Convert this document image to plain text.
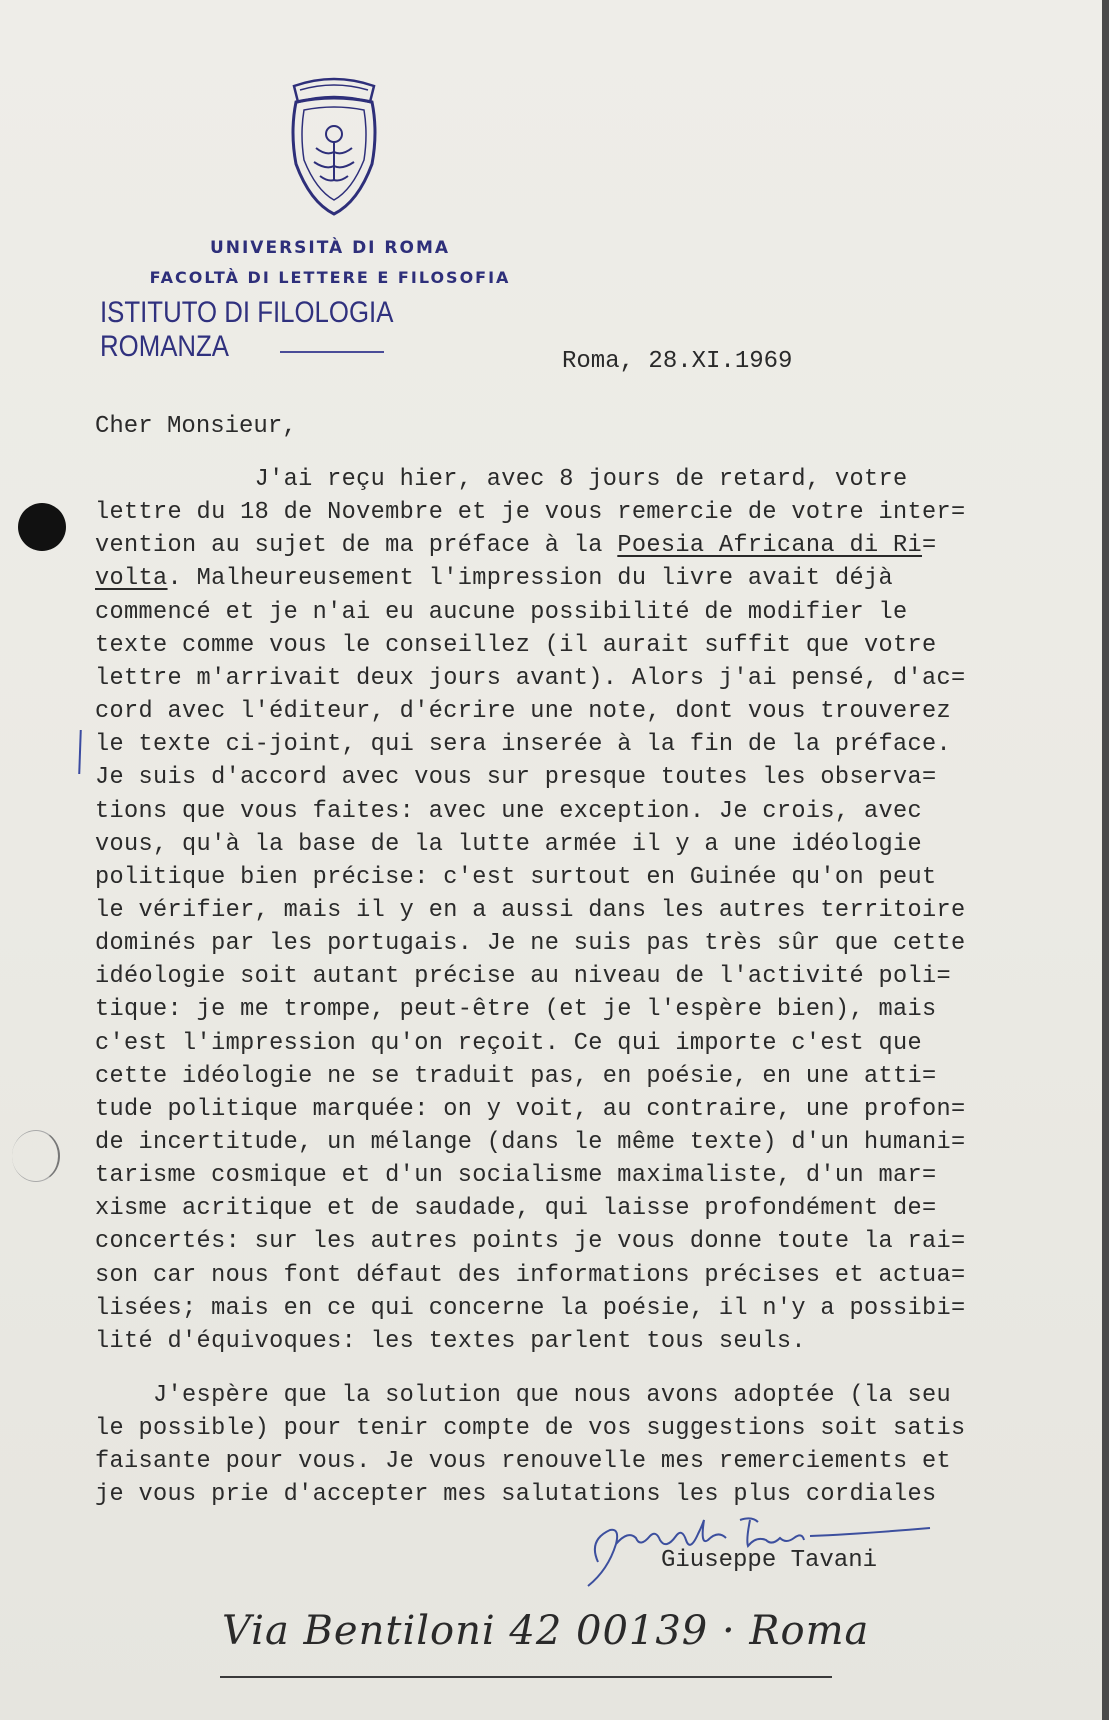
UNIVERSITÀ DI ROMA
FACOLTÀ DI LETTERE E FILOSOFIA
ISTITUTO DI FILOLOGIA ROMANZA	Roma, 28.XI.1969
Cher Monsieur,
J'ai reçu hier, avec 8 jours de retard, votre
lettre du 18 de Novembre et je vous remercie de votre inter=
vention au sujet de ma préface à la Poesia Africana di Ri=
volta. Malheureusement l'impression du livre avait déjà
commencé et je n'ai eu aucune possibilité de modifier le
texte comme vous le conseillez (il aurait suffit que votre
lettre m'arrivait deux jours avant). Alors j'ai pensé, d'ac=
cord avec l'éditeur, d'écrire une note, dont vous trouverez
le texte ci-joint, qui sera inserée à la fin de la préface.
Je suis d'accord avec vous sur presque toutes les observa=
tions que vous faites: avec une exception. Je crois, avec
vous, qu'à la base de la lutte armée il y a une idéologie
politique bien précise: c'est surtout en Guinée qu'on peut
le vérifier, mais il y en a aussi dans les autres territoire
dominés par les portugais. Je ne suis pas très sûr que cette
idéologie soit autant précise au niveau de l'activité poli=
tique: je me trompe, peut-être (et je l'espère bien), mais
c'est l'impression qu'on reçoit. Ce qui importe c'est que
cette idéologie ne se traduit pas, en poésie, en une atti=
tude politique marquée: on y voit, au contraire, une profon=
de incertitude, un mélange (dans le même texte) d'un humani=
tarisme cosmique et d'un socialisme maximaliste, d'un mar=
xisme acritique et de saudade, qui laisse profondément de=
concertés: sur les autres points je vous donne toute la rai=
son car nous font défaut des informations précises et actua=
lisées; mais en ce qui concerne la poésie, il n'y a possibi=
lité d'équivoques: les textes parlent tous seuls.
J'espère que la solution que nous avons adoptée (la seu
le possible) pour tenir compte de vos suggestions soit satis
faisante pour vous. Je vous renouvelle mes remerciements et
je vous prie d'accepter mes salutations les plus cordiales
Giuseppe Tavani
Via Bentiloni 42 00139 · Roma
